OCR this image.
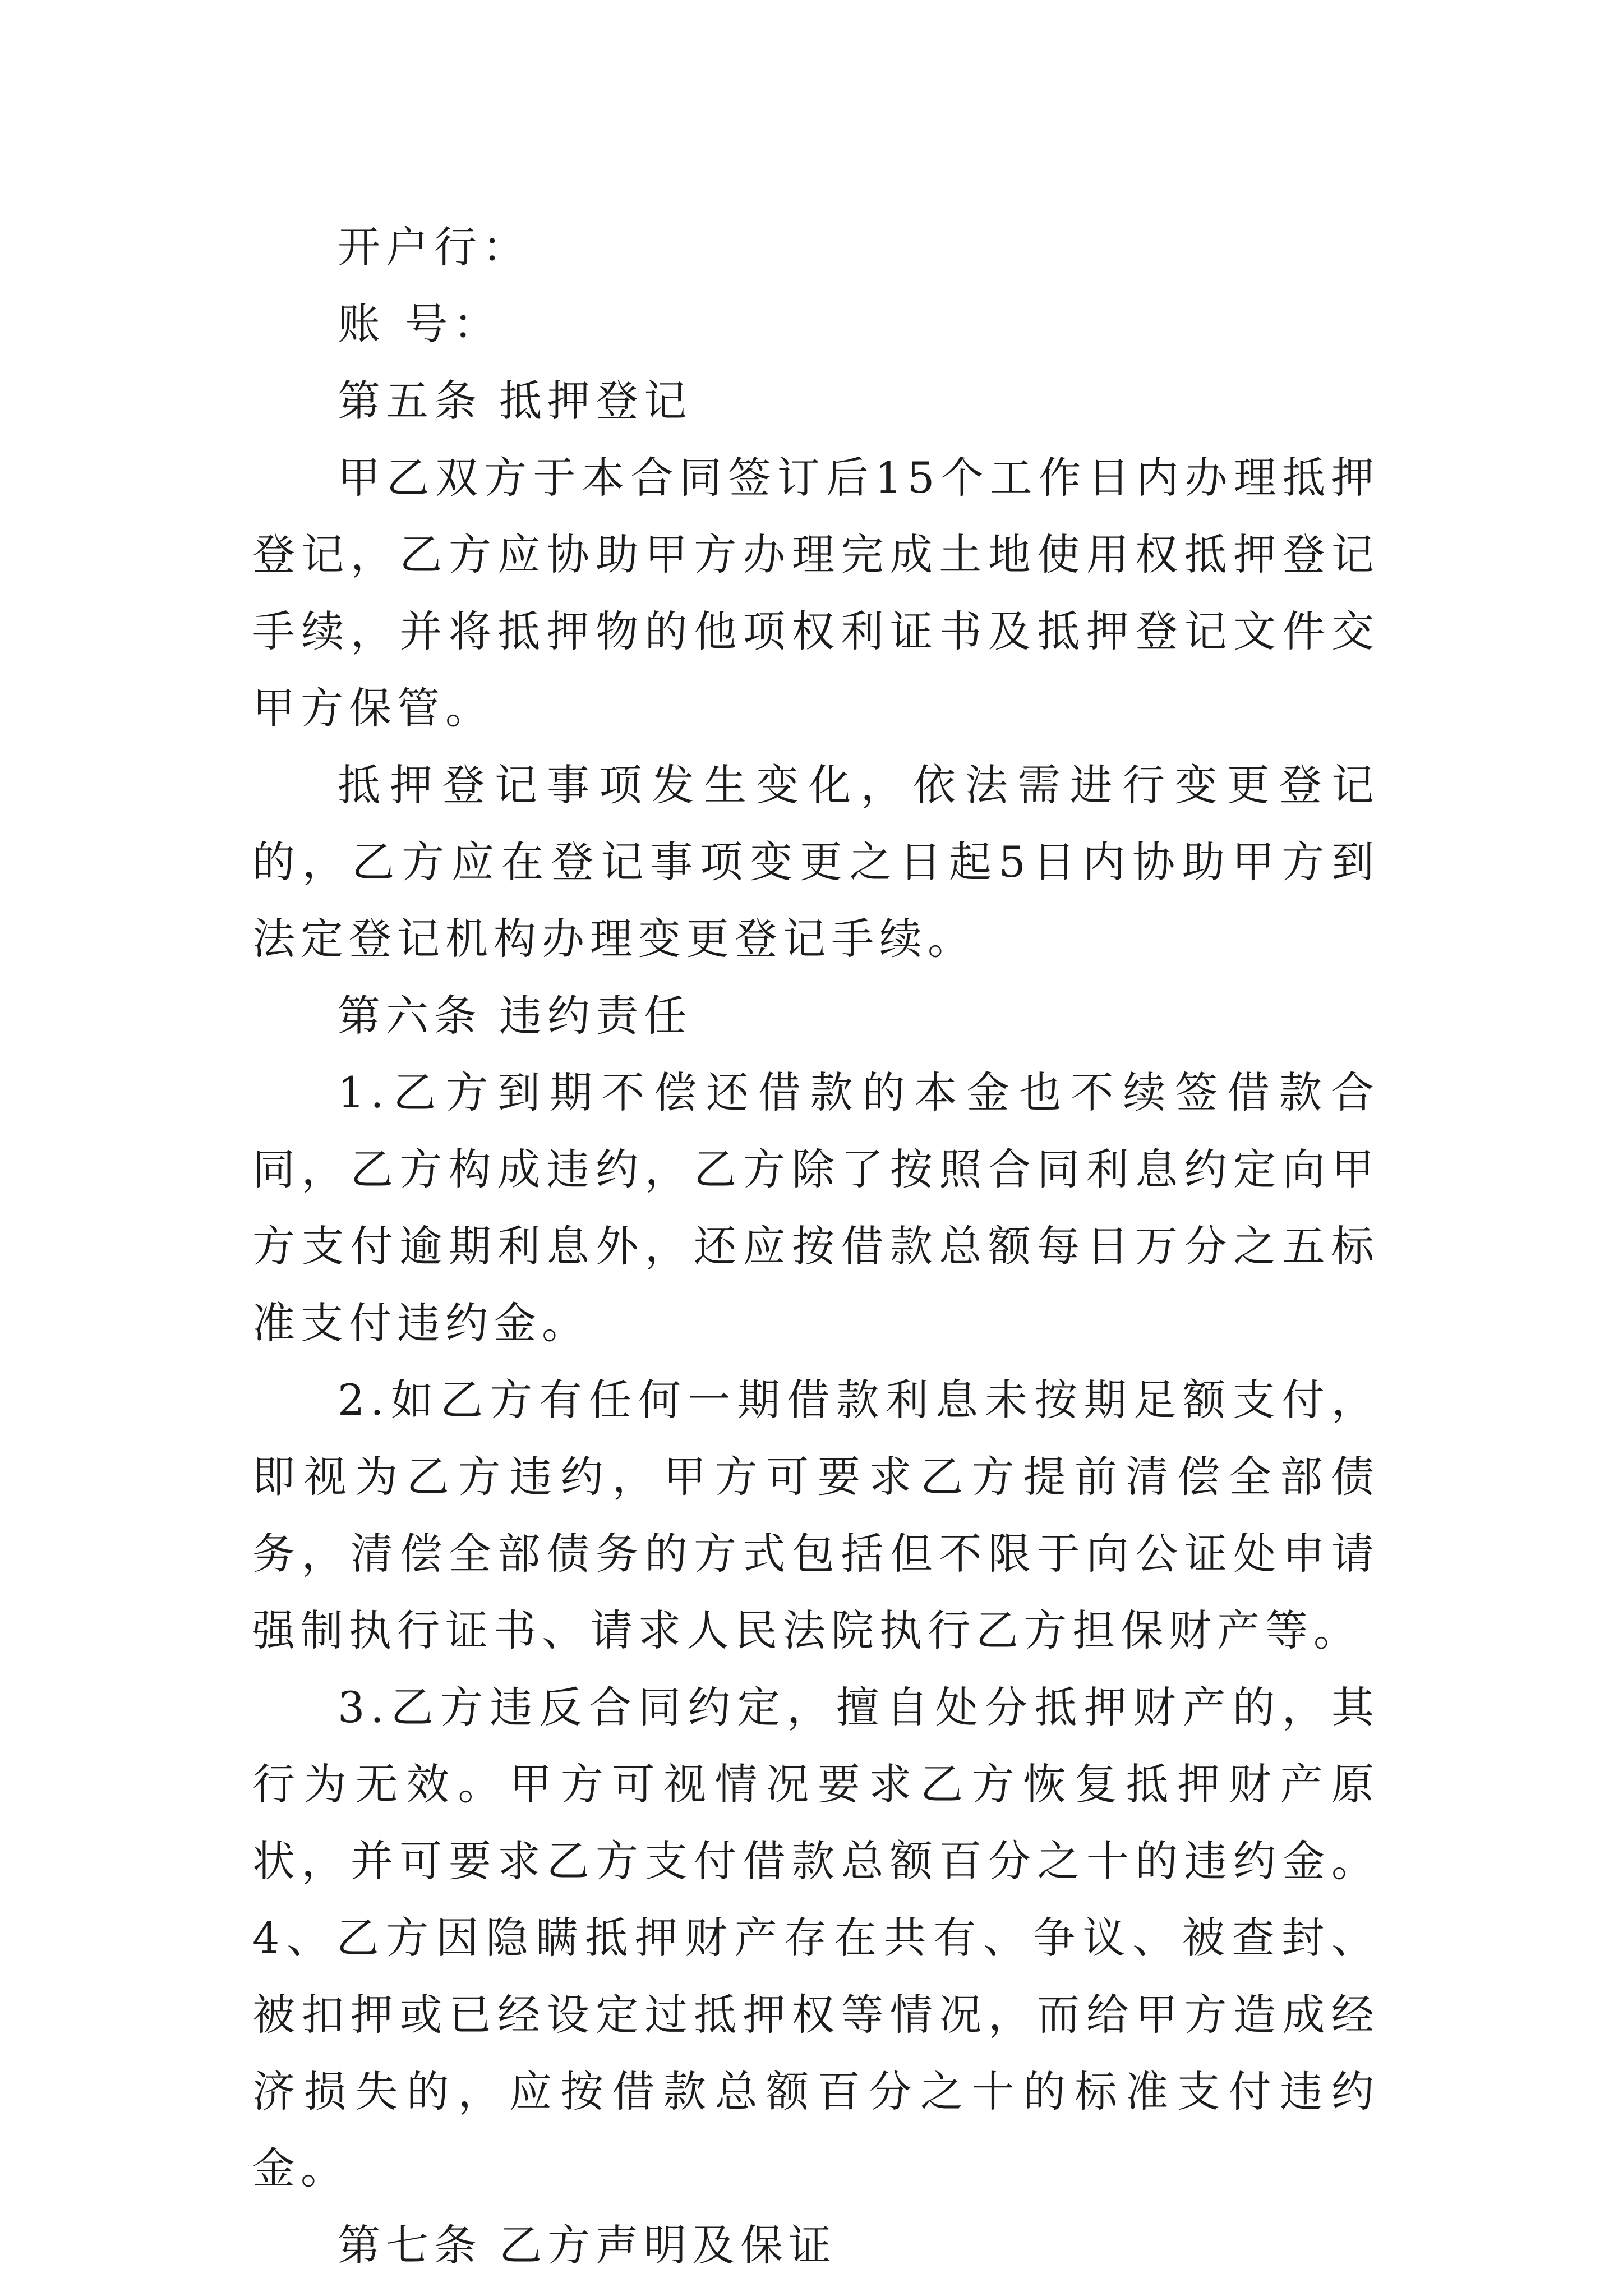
开户行：

账 号：

第五条 抵押登记

甲乙双方于本合同签订后15个工作日内办理抵押登记，乙方应协助甲方办理完成土地使用权抵押登记手续，并将抵押物的他项权利证书及抵押登记文件交甲方保管。

抵押登记事项发生变化，依法需进行变更登记的，乙方应在登记事项变更之日起5日内协助甲方到法定登记机构办理变更登记手续。

第六条 违约责任

1.乙方到期不偿还借款的本金也不续签借款合同，乙方构成违约，乙方除了按照合同利息约定向甲方支付逾期利息外，还应按借款总额每日万分之五标准支付违约金。

2.如乙方有任何一期借款利息未按期足额支付，即视为乙方违约，甲方可要求乙方提前清偿全部债务，清偿全部债务的方式包括但不限于向公证处申请强制执行证书、请求人民法院执行乙方担保财产等。

3.乙方违反合同约定，擅自处分抵押财产的，其行为无效。甲方可视情况要求乙方恢复抵押财产原状，并可要求乙方支付借款总额百分之十的违约金。4、乙方因隐瞒抵押财产存在共有、争议、被查封、被扣押或已经设定过抵押权等情况，而给甲方造成经济损失的，应按借款总额百分之十的标准支付违约金。

第七条 乙方声明及保证
